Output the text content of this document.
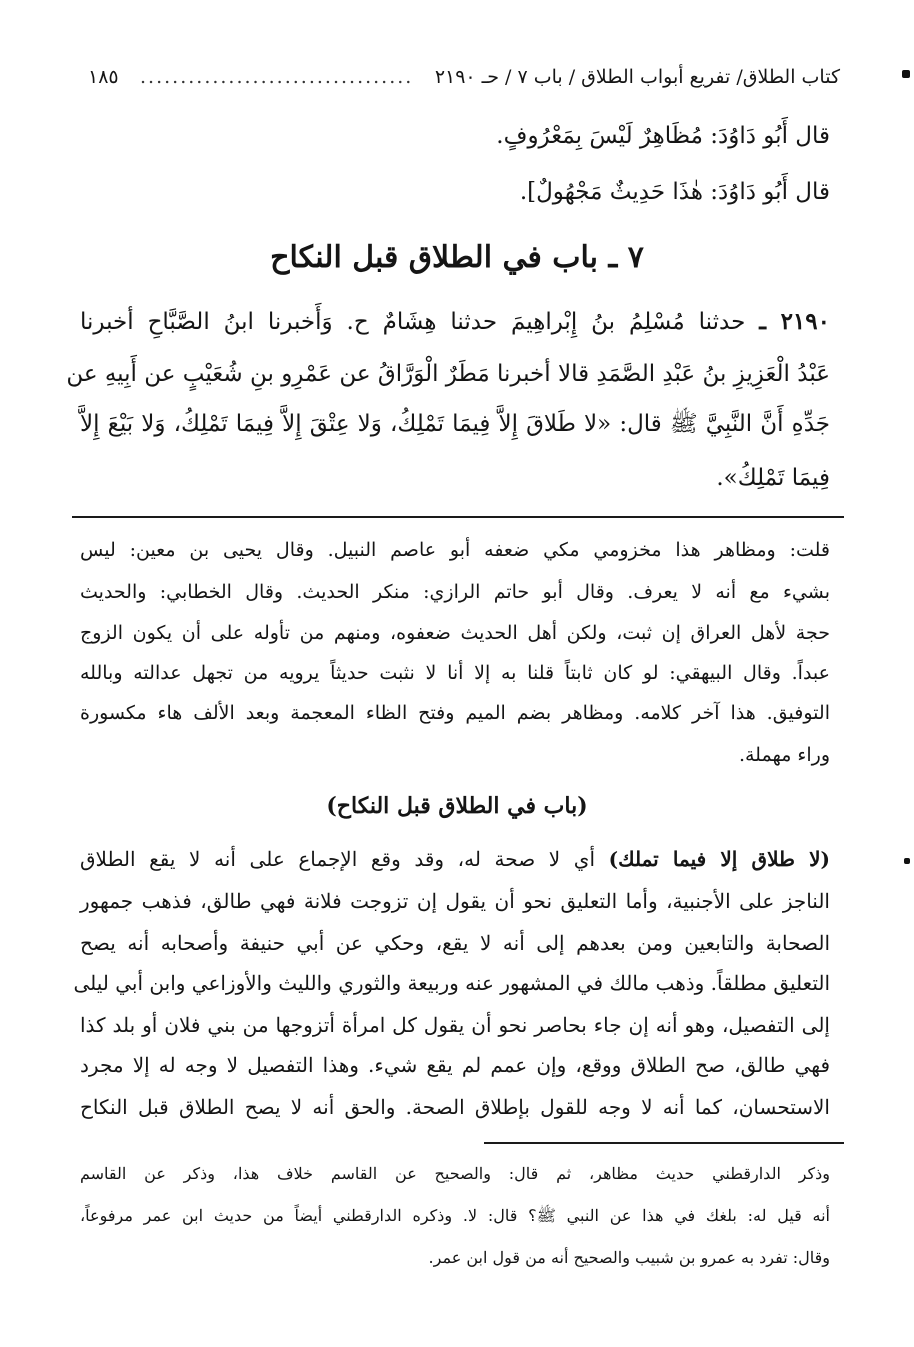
كتاب الطلاق/ تفريع أبواب الطلاق / باب ٧ / حـ ٢١٩٠
..................................
١٨٥
قال أَبُو دَاوُدَ: مُظَاهِرٌ لَيْسَ بِمَعْرُوفٍ.
قال أَبُو دَاوُدَ: هٰذَا حَدِيثٌ مَجْهُولٌ].
٧ ـ باب في الطلاق قبل النكاح
٢١٩٠ ـ حدثنا مُسْلِمُ بنُ إِبْراهِيمَ حدثنا هِشَامٌ ح. وَأَخبرنا ابنُ الصَّبَّاحِ أخبرنا
عَبْدُ الْعَزِيزِ بنُ عَبْدِ الصَّمَدِ قالا أخبرنا مَطَرٌ الْوَرَّاقُ عن عَمْرِو بنِ شُعَيْبٍ عن أَبِيهِ عن
جَدِّهِ أَنَّ النَّبِيَّ ﷺ قال: «لا طَلاقَ إِلاَّ فِيمَا تَمْلِكُ، وَلا عِتْقَ إِلاَّ فِيمَا تَمْلِكُ، وَلا بَيْعَ إِلاَّ
فِيمَا تَمْلِكُ».
قلت: ومظاهر هذا مخزومي مكي ضعفه أبو عاصم النبيل. وقال يحيى بن معين: ليس
بشيء مع أنه لا يعرف. وقال أبو حاتم الرازي: منكر الحديث. وقال الخطابي: والحديث
حجة لأهل العراق إن ثبت، ولكن أهل الحديث ضعفوه، ومنهم من تأوله على أن يكون الزوج
عبداً. وقال البيهقي: لو كان ثابتاً قلنا به إلا أنا لا نثبت حديثاً يرويه من تجهل عدالته وبالله
التوفيق. هذا آخر كلامه. ومظاهر بضم الميم وفتح الظاء المعجمة وبعد الألف هاء مكسورة
وراء مهملة.
(باب في الطلاق قبل النكاح)
(لا طلاق إلا فيما تملك) أي لا صحة له، وقد وقع الإجماع على أنه لا يقع الطلاق
الناجز على الأجنبية، وأما التعليق نحو أن يقول إن تزوجت فلانة فهي طالق، فذهب جمهور
الصحابة والتابعين ومن بعدهم إلى أنه لا يقع، وحكي عن أبي حنيفة وأصحابه أنه يصح
التعليق مطلقاً. وذهب مالك في المشهور عنه وربيعة والثوري والليث والأوزاعي وابن أبي ليلى
إلى التفصيل، وهو أنه إن جاء بحاصر نحو أن يقول كل امرأة أتزوجها من بني فلان أو بلد كذا
فهي طالق، صح الطلاق ووقع، وإن عمم لم يقع شيء. وهذا التفصيل لا وجه له إلا مجرد
الاستحسان، كما أنه لا وجه للقول بإطلاق الصحة. والحق أنه لا يصح الطلاق قبل النكاح
وذكر الدارقطني حديث مظاهر، ثم قال: والصحيح عن القاسم خلاف هذا، وذكر عن القاسم
أنه قيل له: بلغك في هذا عن النبي ﷺ؟ قال: لا. وذكره الدارقطني أيضاً من حديث ابن عمر مرفوعاً،
وقال: تفرد به عمرو بن شبيب والصحيح أنه من قول ابن عمر.
